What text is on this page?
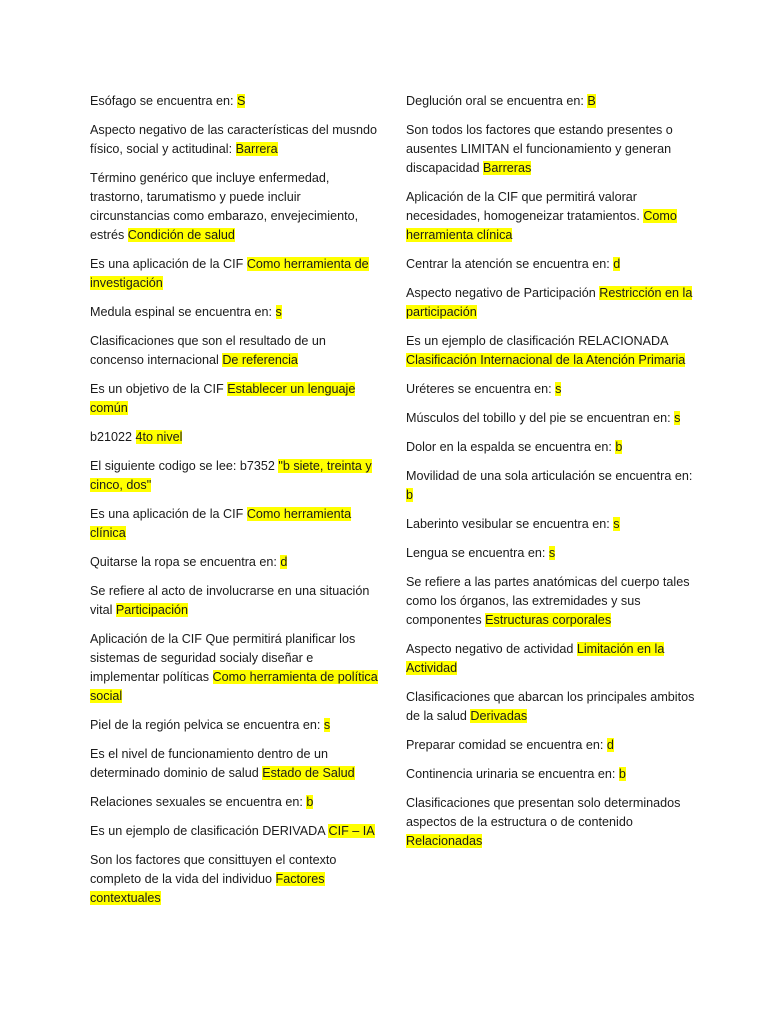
Esófago se encuentra en: S

Aspecto negativo de las características del musndo físico, social y actitudinal: Barrera

Término genérico que incluye enfermedad, trastorno, tarumatismo y puede incluir circunstancias como embarazo, envejecimiento, estrés Condición de salud

Es una aplicación de la CIF Como herramienta de investigación

Medula espinal se encuentra en: s

Clasificaciones que son el resultado de un concenso internacional De referencia

Es un objetivo de la CIF Establecer un lenguaje común

b21022 4to nivel

El siguiente codigo se lee: b7352 "b siete, treinta y cinco, dos"

Es una aplicación de la CIF Como herramienta clínica

Quitarse la ropa se encuentra en: d

Se refiere al acto de involucrarse en una situación vital Participación

Aplicación de la CIF Que permitirá planificar los sistemas de seguridad socialy diseñar e implementar políticas Como herramienta de política social

Piel de la región pelvica se encuentra en: s

Es el nivel de funcionamiento dentro de un determinado dominio de salud Estado de Salud

Relaciones sexuales se encuentra en: b

Es un ejemplo de clasificación DERIVADA CIF – IA

Son los factores que consittuyen el contexto completo de la vida del individuo Factores contextuales

Deglución oral se encuentra en: B

Son todos los factores que estando presentes o ausentes LIMITAN el funcionamiento y generan discapacidad Barreras

Aplicación de la CIF que permitirá valorar necesidades, homogeneizar tratamientos. Como herramienta clínica

Centrar la atención se encuentra en: d

Aspecto negativo de Participación Restricción en la participación

Es un ejemplo de clasificación RELACIONADA Clasificación Internacional de la Atención Primaria

Uréteres se encuentra en: s

Músculos del tobillo y del pie se encuentran en: s

Dolor en la espalda se encuentra en: b

Movilidad de una sola articulación se encuentra en: b

Laberinto vesibular se encuentra en: s

Lengua se encuentra en: s

Se refiere a las partes anatómicas del cuerpo tales como los órganos, las extremidades y sus componentes Estructuras corporales

Aspecto negativo de actividad Limitación en la Actividad

Clasificaciones que abarcan los principales ambitos de la salud Derivadas

Preparar comidad se encuentra en: d

Continencia urinaria se encuentra en: b

Clasificaciones que presentan solo determinados aspectos de la estructura o de contenido Relacionadas
